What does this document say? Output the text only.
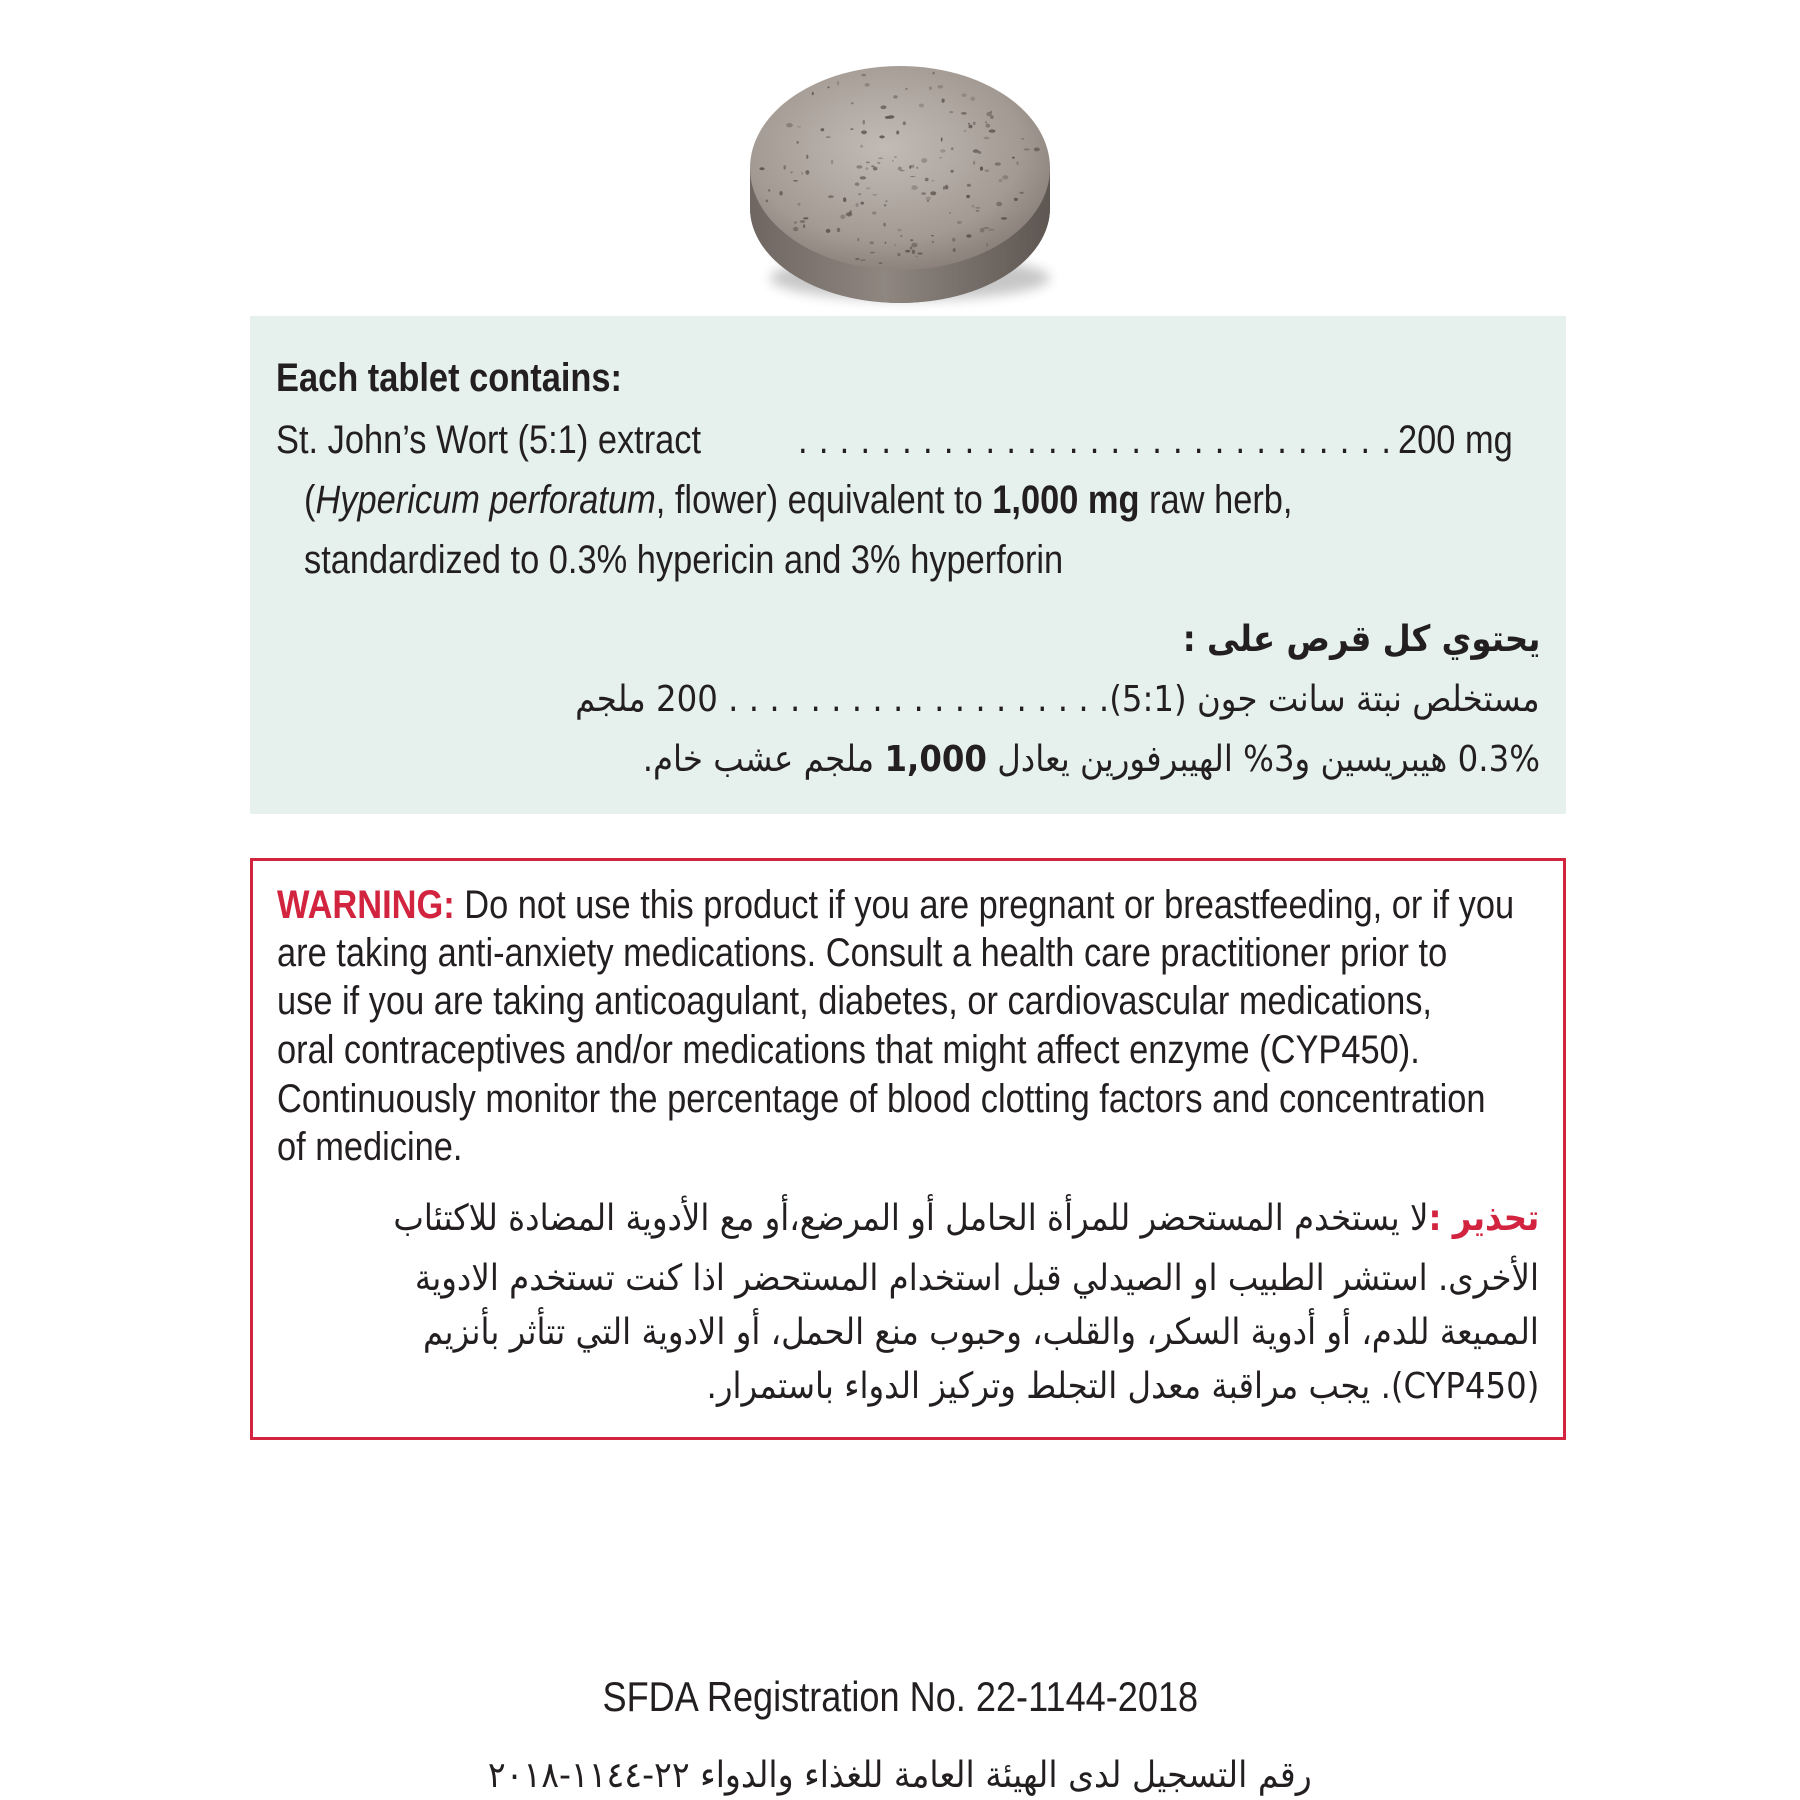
Each tablet contains:
St. John’s Wort (5:1) extract	. . . . . . . . . . . . . . . . . . . . . . . . . . . . . 200 mg
(Hypericum perforatum, flower) equivalent to 1,000 mg raw herb,
standardized to 0.3% hypericin and 3% hyperforin
يحتوي كل قرص على :
مستخلص نبتة سانت جون (5:1). . . . . . . . . . . . . . . . . . . 200 ملجم
0.3% هيبريسين و3% الهيبرفورين يعادل 1,000 ملجم عشب خام.
WARNING: Do not use this product if you are pregnant or breastfeeding, or if you
are taking anti-anxiety medications. Consult a health care practitioner prior to
use if you are taking anticoagulant, diabetes, or cardiovascular medications,
oral contraceptives and/or medications that might affect enzyme (CYP450).
Continuously monitor the percentage of blood clotting factors and concentration
of medicine.
تحذير :لا يستخدم المستحضر للمرأة الحامل أو المرضع،أو مع الأدوية المضادة للاكتئاب
الأخرى. استشر الطبيب او الصيدلي قبل استخدام المستحضر اذا كنت تستخدم الادوية
المميعة للدم، أو أدوية السكر، والقلب، وحبوب منع الحمل، أو الادوية التي تتأثر بأنزيم
(CYP450). يجب مراقبة معدل التجلط وتركيز الدواء باستمرار.
SFDA Registration No. 22-1144-2018
رقم التسجيل لدى الهيئة العامة للغذاء والدواء ٢٢-١١٤٤-٢٠١٨
